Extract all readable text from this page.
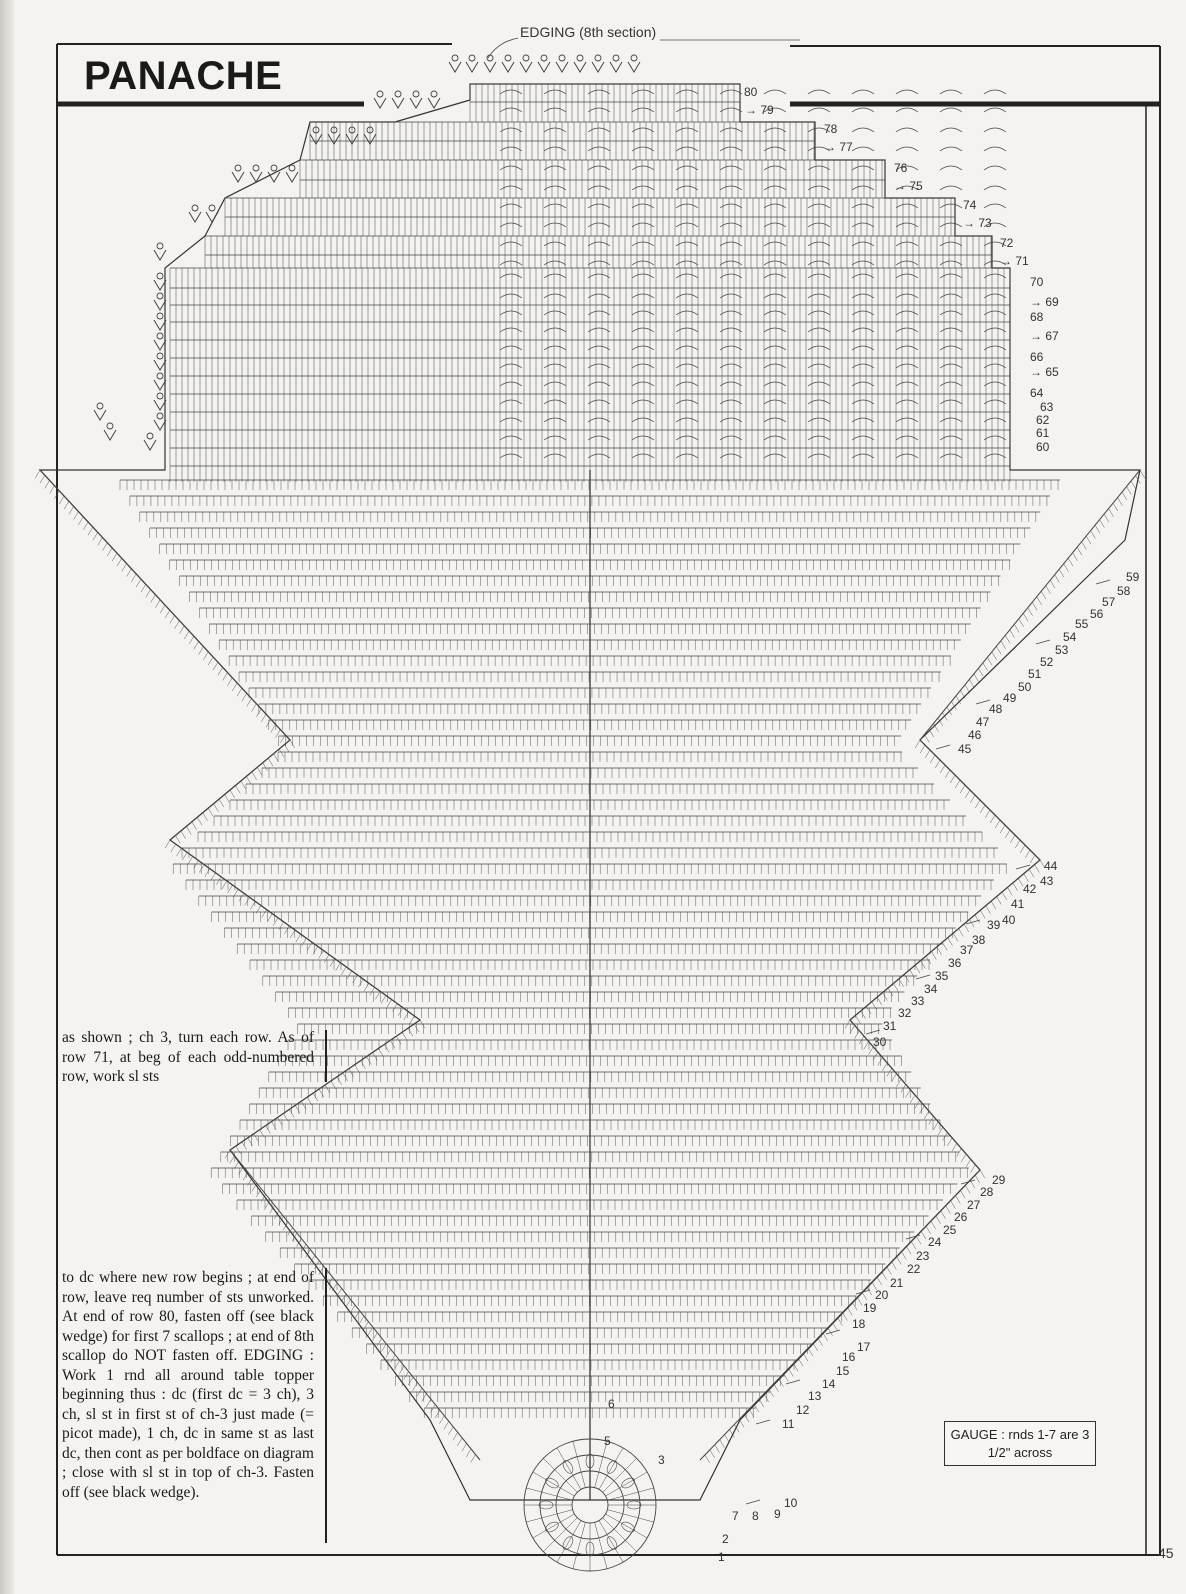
PANACHE
EDGING (8th section)
80
→ 79
78
→ 77
76
→ 75
74
→ 73
72
→ 71
70
→ 69
68
→ 67
66
→ 65
64
63
62
61
60
59
58
57
56
55
54
53
52
51
50
49
48
47
46
45
44
43
42
41
40
39
38
37
36
35
34
33
32
31
30
29
28
27
26
25
24
23
22
21
20
19
18
17
16
15
14
13
12
11
10
9
8
7
6
5
3
2
1
as shown ; ch 3, turn each row. As of row 71, at beg of each odd-numbered row, work sl sts
to dc where new row begins ; at end of row, leave req number of sts unworked. At end of row 80, fasten off (see black wedge) for first 7 scallops ; at end of 8th scallop do NOT fasten off. EDGING : Work 1 rnd all around table topper beginning thus : dc (first dc = 3 ch), 3 ch, sl st in first st of ch-3 just made (= picot made), 1 ch, dc in same st as last dc, then cont as per boldface on diagram ; close with sl st in top of ch-3. Fasten off (see black wedge).
GAUGE : rnds 1-7 are 3 1/2" across
45
